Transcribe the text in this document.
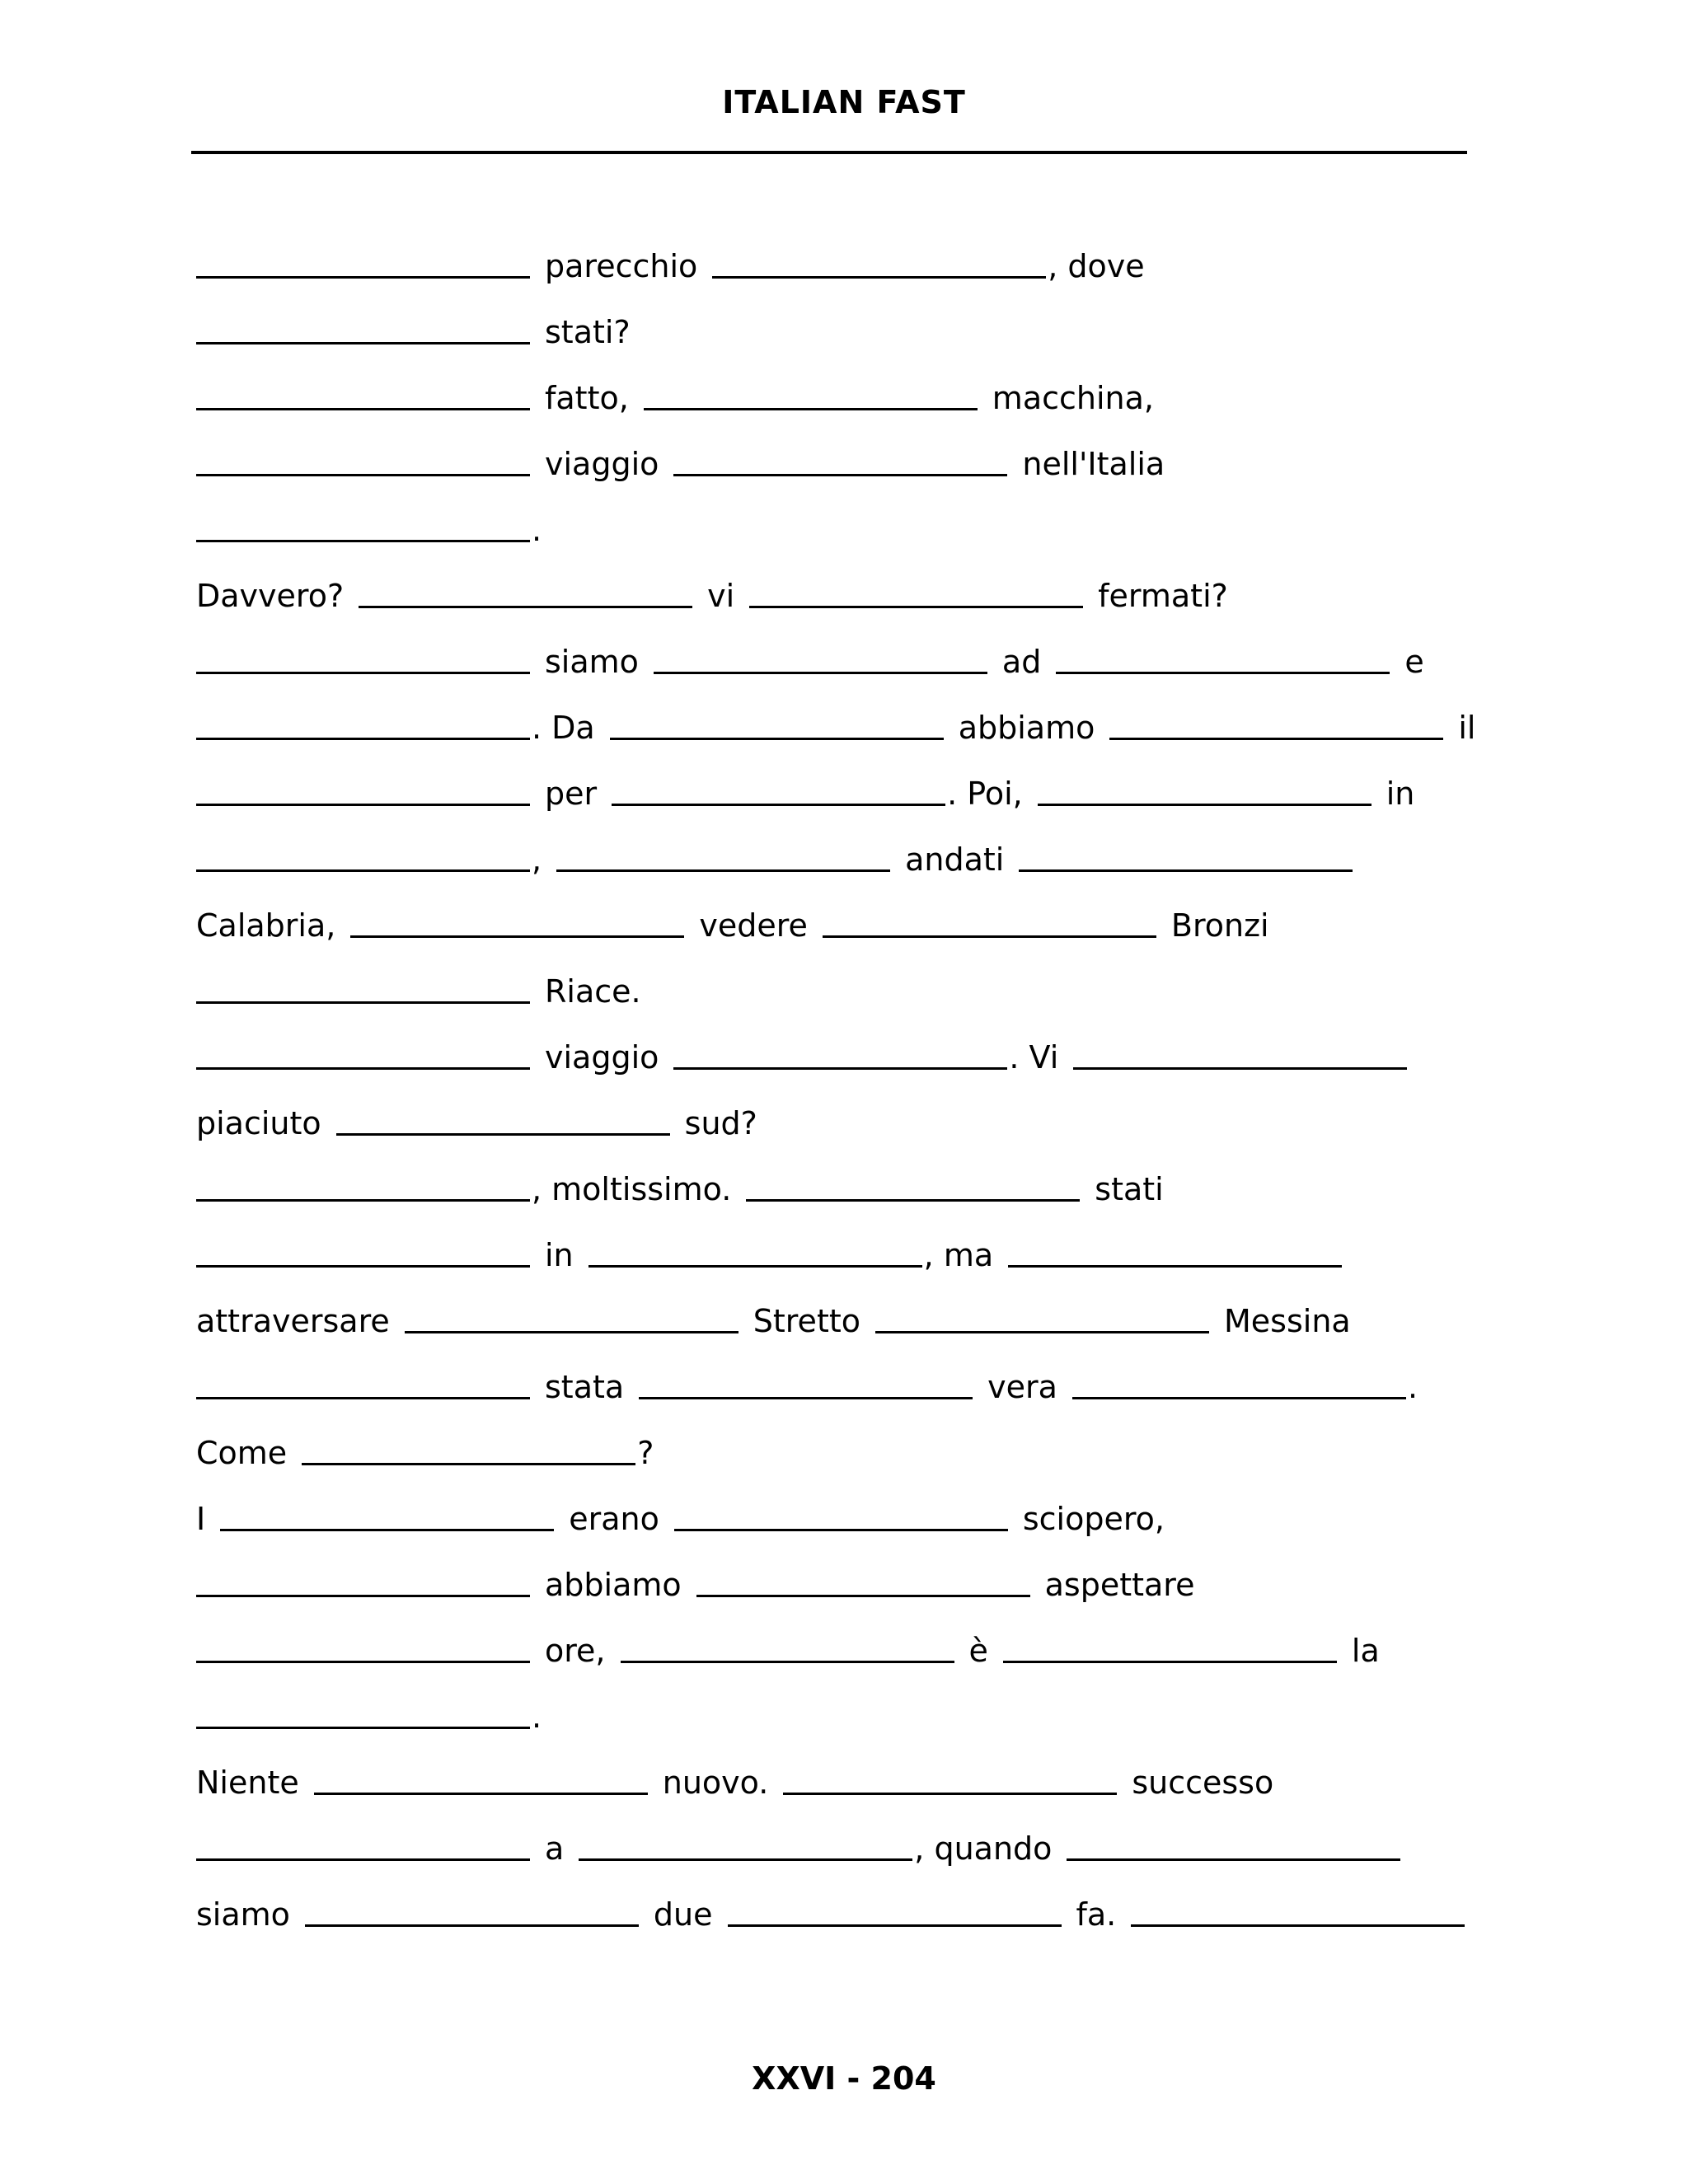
ITALIAN FAST
parecchio	, dove
stati?
fatto,	macchina,
viaggio	nell'Italia
.
Davvero?	vi	fermati?
siamo	ad	e
. Da	abbiamo	il
per	. Poi,	in
,	andati
Calabria,	vedere	Bronzi
Riace.
viaggio	. Vi
piaciuto	sud?
, moltissimo.	stati
in	, ma
attraversare	Stretto	Messina
stata	vera	.
Come	?
I	erano	sciopero,
abbiamo	aspettare
ore,	è	la
.
Niente	nuovo.	successo
a	, quando
siamo	due	fa.
XXVI - 204
